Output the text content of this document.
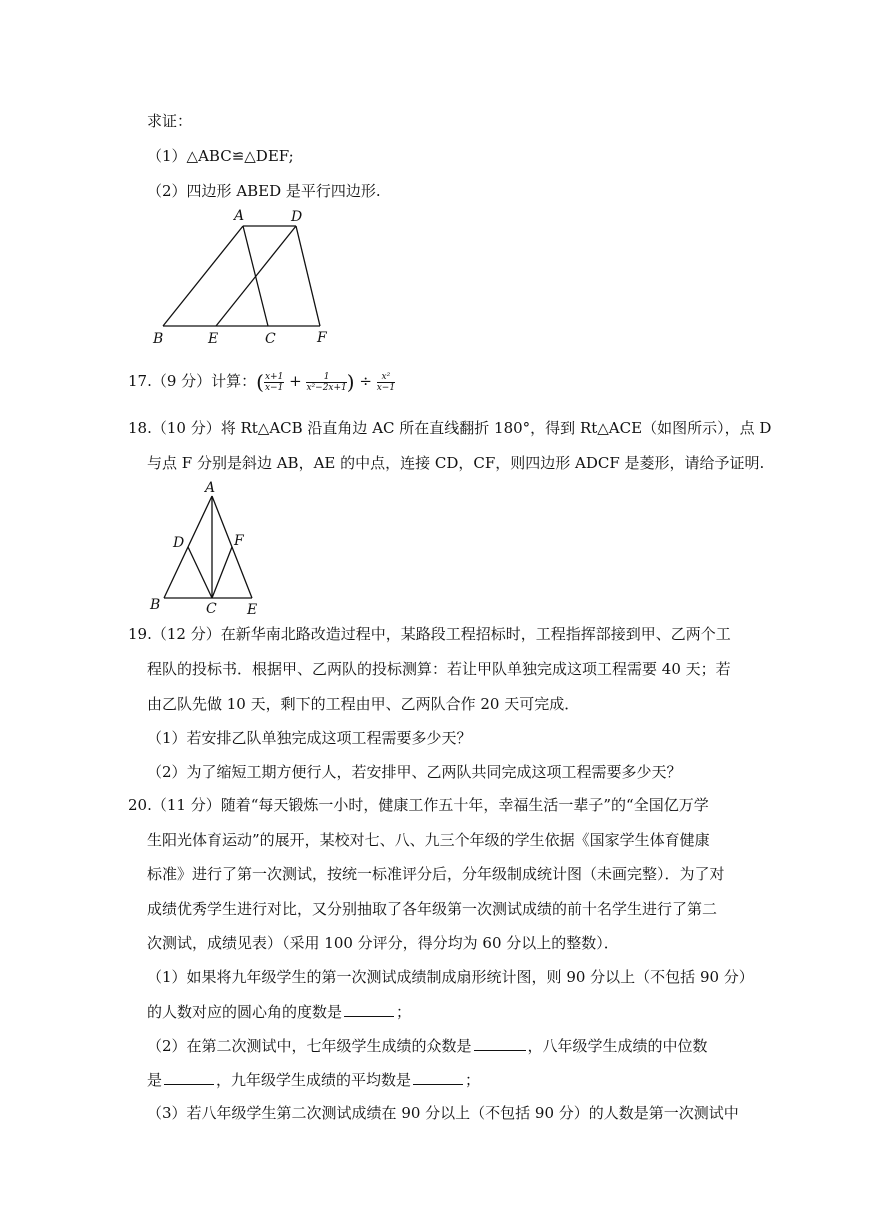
求证：
（1）△ABC≌△DEF;
（2）四边形 ABED 是平行四边形.
A	D
B	E	C	F
17.（9 分）计算：( $\frac{x+1}{x-1} + \frac{1}{\text{x²−2x+1}}$ ) ÷ $\frac{\text{x²}}{x-1}$
18.（10 分）将 Rt△ACB 沿直角边 AC 所在直线翻折 180°，得到 Rt△ACE（如图所示），点 D
与点 F 分别是斜边 AB，AE 的中点，连接 CD，CF，则四边形 ADCF 是菱形，请给予证明.
A
D	F
B	C E
19.（12 分）在新华南北路改造过程中，某路段工程招标时，工程指挥部接到甲、乙两个工
程队的投标书．根据甲、乙两队的投标测算：若让甲队单独完成这项工程需要 40 天；若
由乙队先做 10 天，剩下的工程由甲、乙两队合作 20 天可完成．
（1）若安排乙队单独完成这项工程需要多少天？
（2）为了缩短工期方便行人，若安排甲、乙两队共同完成这项工程需要多少天？
20.（11 分）随着“每天锻炼一小时，健康工作五十年，幸福生活一辈子”的“全国亿万学
生阳光体育运动”的展开，某校对七、八、九三个年级的学生依据《国家学生体育健康
标准》进行了第一次测试，按统一标准评分后，分年级制成统计图（未画完整）．为了对
成绩优秀学生进行对比，又分别抽取了各年级第一次测试成绩的前十名学生进行了第二
次测试，成绩见表）（采用 100 分评分，得分均为 60 分以上的整数）．
（1）如果将九年级学生的第一次测试成绩制成扇形统计图，则 90 分以上（不包括 90 分）
的人数对应的圆心角的度数是	；
（2）在第二次测试中，七年级学生成绩的众数是	，八年级学生成绩的中位数
是	，九年级学生成绩的平均数是	；
（3）若八年级学生第二次测试成绩在 90 分以上（不包括 90 分）的人数是第一次测试中
